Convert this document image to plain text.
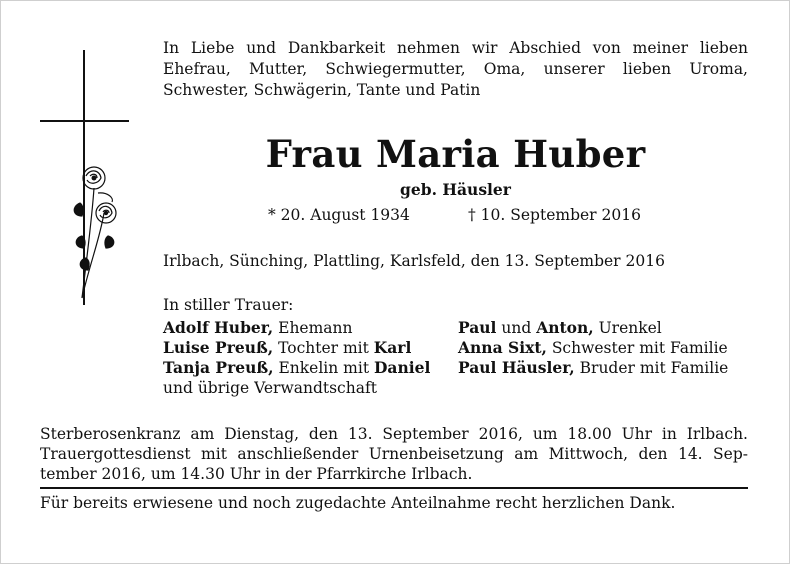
In Liebe und Dankbarkeit nehmen wir Abschied von meiner lieben
Ehefrau, Mutter, Schwiegermutter, Oma, unserer lieben Uroma,
Schwester, Schwägerin, Tante und Patin
Frau Maria Huber
geb. Häusler
* 20. August 1934	† 10. September 2016
Irlbach, Sünching, Plattling, Karlsfeld, den 13. September 2016
In stiller Trauer:
Adolf Huber, Ehemann
Luise Preuß, Tochter mit Karl
Tanja Preuß, Enkelin mit Daniel
und übrige Verwandtschaft
Paul und Anton, Urenkel
Anna Sixt, Schwester mit Familie
Paul Häusler, Bruder mit Familie
Sterberosenkranz am Dienstag, den 13. September 2016, um 18.00 Uhr in Irlbach.
Trauergottesdienst mit anschließender Urnenbeisetzung am Mittwoch, den 14. Sep-
tember 2016, um 14.30 Uhr in der Pfarrkirche Irlbach.
Für bereits erwiesene und noch zugedachte Anteilnahme recht herzlichen Dank.
